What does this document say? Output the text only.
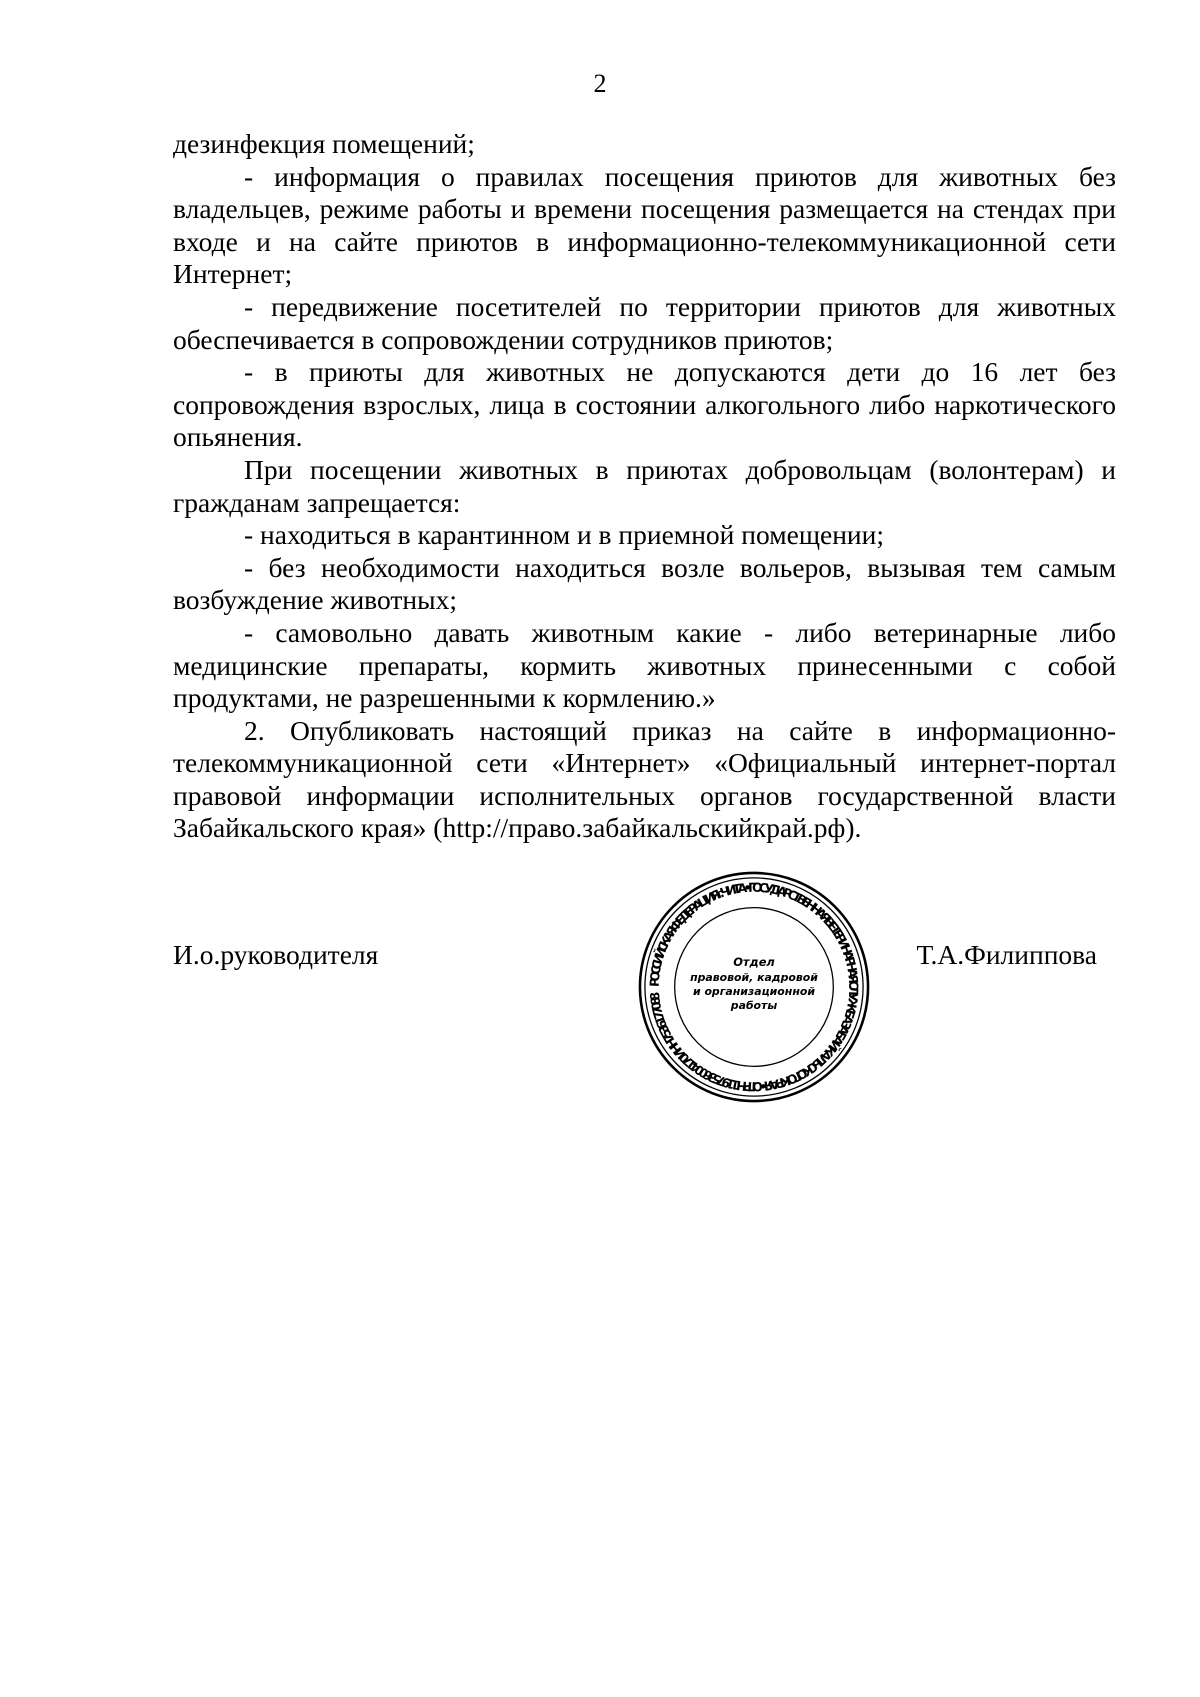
2

дезинфекция помещений;

- информация о правилах посещения приютов для животных без владельцев, режиме работы и времени посещения размещается на стендах при входе и на сайте приютов в информационно-телекоммуникационной сети Интернет;

- передвижение посетителей по территории приютов для животных обеспечивается в сопровождении сотрудников приютов;

- в приюты для животных не допускаются дети до 16 лет без сопровождения взрослых, лица в состоянии алкогольного либо наркотического опьянения.

При посещении животных в приютах добровольцам (волонтерам) и гражданам запрещается:

- находиться в карантинном и в приемной помещении;

- без необходимости находиться возле вольеров, вызывая тем самым возбуждение животных;

- самовольно давать животным какие - либо ветеринарные либо медицинские препараты, кормить животных принесенными с собой продуктами, не разрешенными к кормлению.»

2. Опубликовать настоящий приказ на сайте в информационно-телекоммуникационной сети «Интернет» «Официальный интернет-портал правовой информации исполнительных органов государственной власти Забайкальского края» (http://право.забайкальскийкрай.рф).

И.о.руководителя	Т.А.Филиппова
РОССИЙСКАЯ ФЕДЕРАЦИЯ г. ЧИТА • ГОСУДАРСТВЕННАЯ ВЕТЕРИНАРНАЯ СЛУЖБА ЗАБАЙКАЛЬСКОГО КРАЯ • ОГРН 1197536004170 ИНН 7536177088
Отдел
правовой, кадровой
и организационной
работы
